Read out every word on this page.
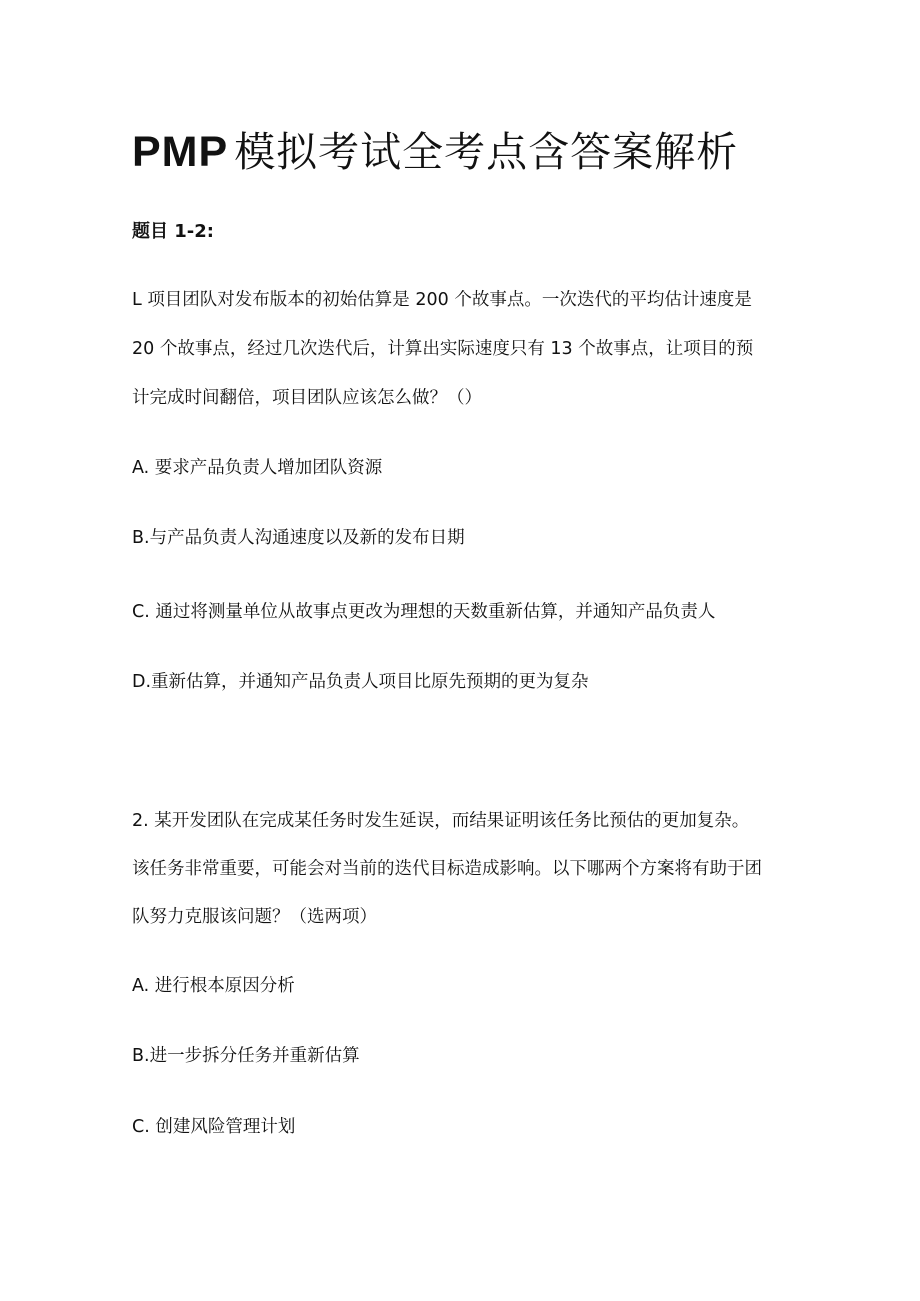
PMP 模拟考试全考点含答案解析
题目 1-2:
L 项目团队对发布版本的初始估算是 200 个故事点。一次迭代的平均估计速度是
20 个故事点，经过几次迭代后，计算出实际速度只有 13 个故事点，让项目的预
计完成时间翻倍，项目团队应该怎么做？（）
A. 要求产品负责人增加团队资源
B.与产品负责人沟通速度以及新的发布日期
C. 通过将测量单位从故事点更改为理想的天数重新估算，并通知产品负责人
D.重新估算，并通知产品负责人项目比原先预期的更为复杂
2. 某开发团队在完成某任务时发生延误，而结果证明该任务比预估的更加复杂。
该任务非常重要，可能会对当前的迭代目标造成影响。以下哪两个方案将有助于团
队努力克服该问题？（选两项）
A. 进行根本原因分析
B.进一步拆分任务并重新估算
C. 创建风险管理计划
